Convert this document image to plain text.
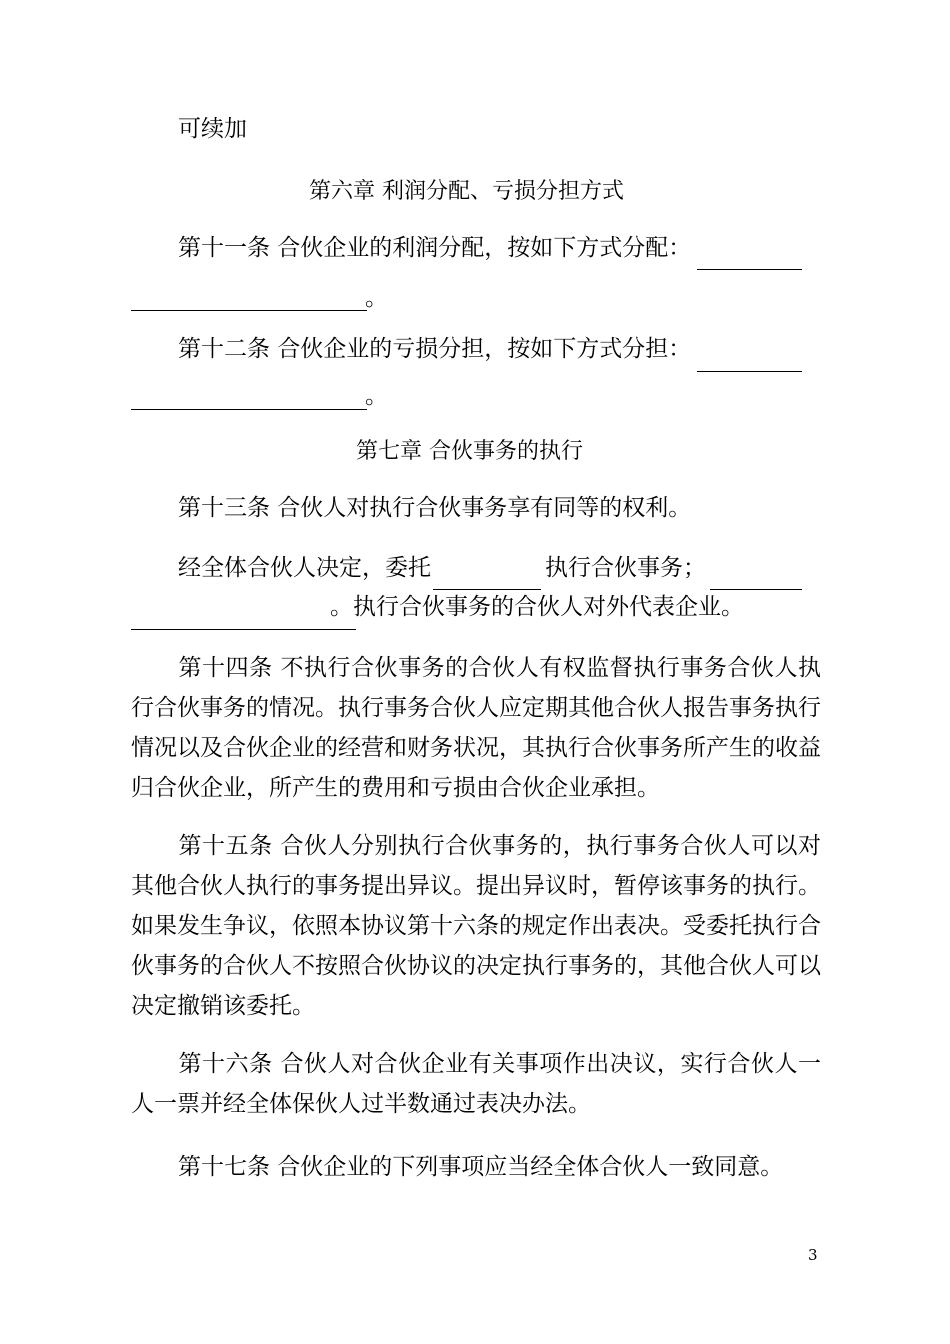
可续加
第六章 利润分配、亏损分担方式
第十一条 合伙企业的利润分配，按如下方式分配：
。
第十二条 合伙企业的亏损分担，按如下方式分担：
。
第七章 合伙事务的执行
第十三条 合伙人对执行合伙事务享有同等的权利。
经全体合伙人决定，委托	执行合伙事务；
。执行合伙事务的合伙人对外代表企业。
第十四条 不执行合伙事务的合伙人有权监督执行事务合伙人执行合伙事务的情况。执行事务合伙人应定期其他合伙人报告事务执行情况以及合伙企业的经营和财务状况，其执行合伙事务所产生的收益归合伙企业，所产生的费用和亏损由合伙企业承担。
第十五条 合伙人分别执行合伙事务的，执行事务合伙人可以对其他合伙人执行的事务提出异议。提出异议时，暂停该事务的执行。如果发生争议，依照本协议第十六条的规定作出表决。受委托执行合伙事务的合伙人不按照合伙协议的决定执行事务的，其他合伙人可以决定撤销该委托。
第十六条 合伙人对合伙企业有关事项作出决议，实行合伙人一人一票并经全体保伙人过半数通过表决办法。
第十七条 合伙企业的下列事项应当经全体合伙人一致同意。
3
